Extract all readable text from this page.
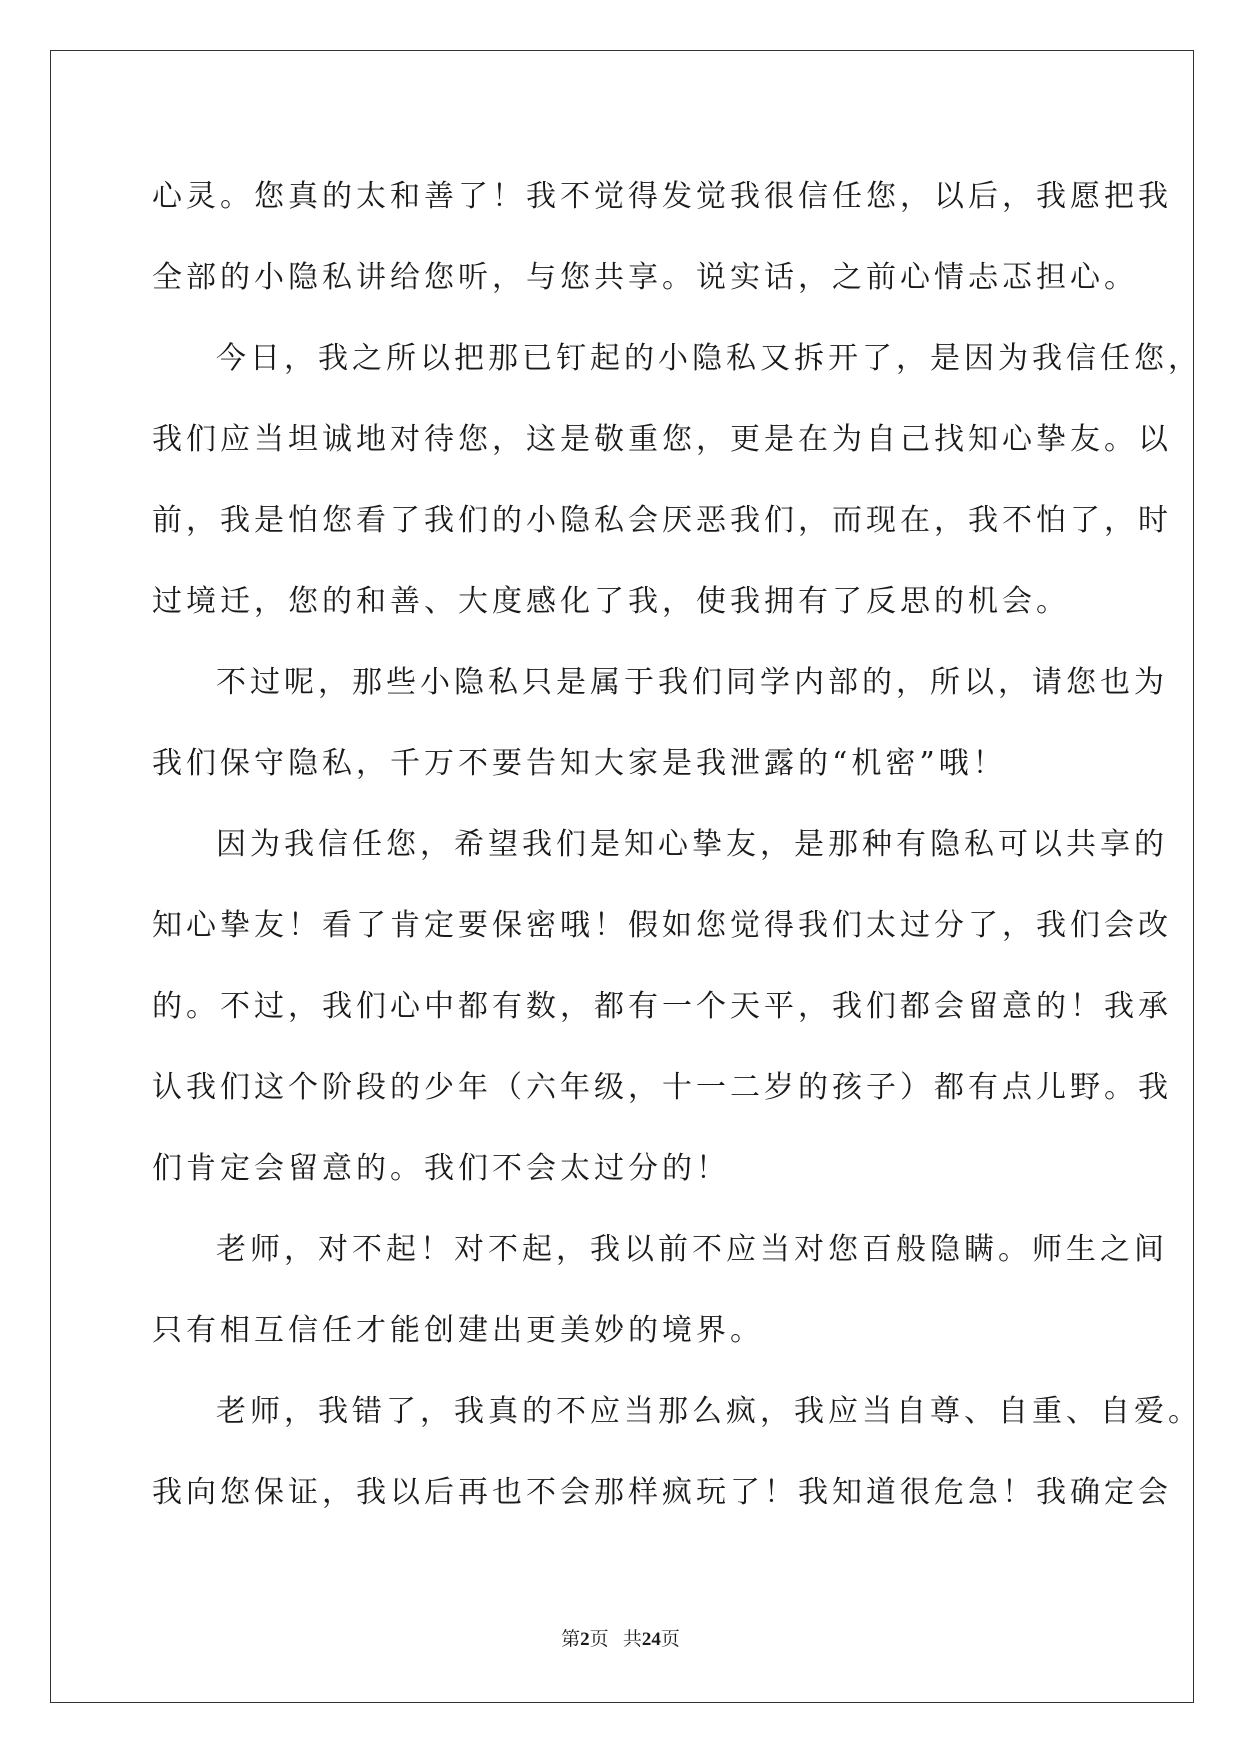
心灵。您真的太和善了！我不觉得发觉我很信任您，以后，我愿把我
全部的小隐私讲给您听，与您共享。说实话，之前心情忐忑担心。
今日，我之所以把那已钉起的小隐私又拆开了，是因为我信任您，
我们应当坦诚地对待您，这是敬重您，更是在为自己找知心挚友。以
前，我是怕您看了我们的小隐私会厌恶我们，而现在，我不怕了，时
过境迁，您的和善、大度感化了我，使我拥有了反思的机会。
不过呢，那些小隐私只是属于我们同学内部的，所以，请您也为
我们保守隐私，千万不要告知大家是我泄露的“机密”哦！
因为我信任您，希望我们是知心挚友，是那种有隐私可以共享的
知心挚友！看了肯定要保密哦！假如您觉得我们太过分了，我们会改
的。不过，我们心中都有数，都有一个天平，我们都会留意的！我承
认我们这个阶段的少年（六年级，十一二岁的孩子）都有点儿野。我
们肯定会留意的。我们不会太过分的！
老师，对不起！对不起，我以前不应当对您百般隐瞒。师生之间
只有相互信任才能创建出更美妙的境界。
老师，我错了，我真的不应当那么疯，我应当自尊、自重、自爱。
我向您保证，我以后再也不会那样疯玩了！我知道很危急！我确定会
第2页 共24页
